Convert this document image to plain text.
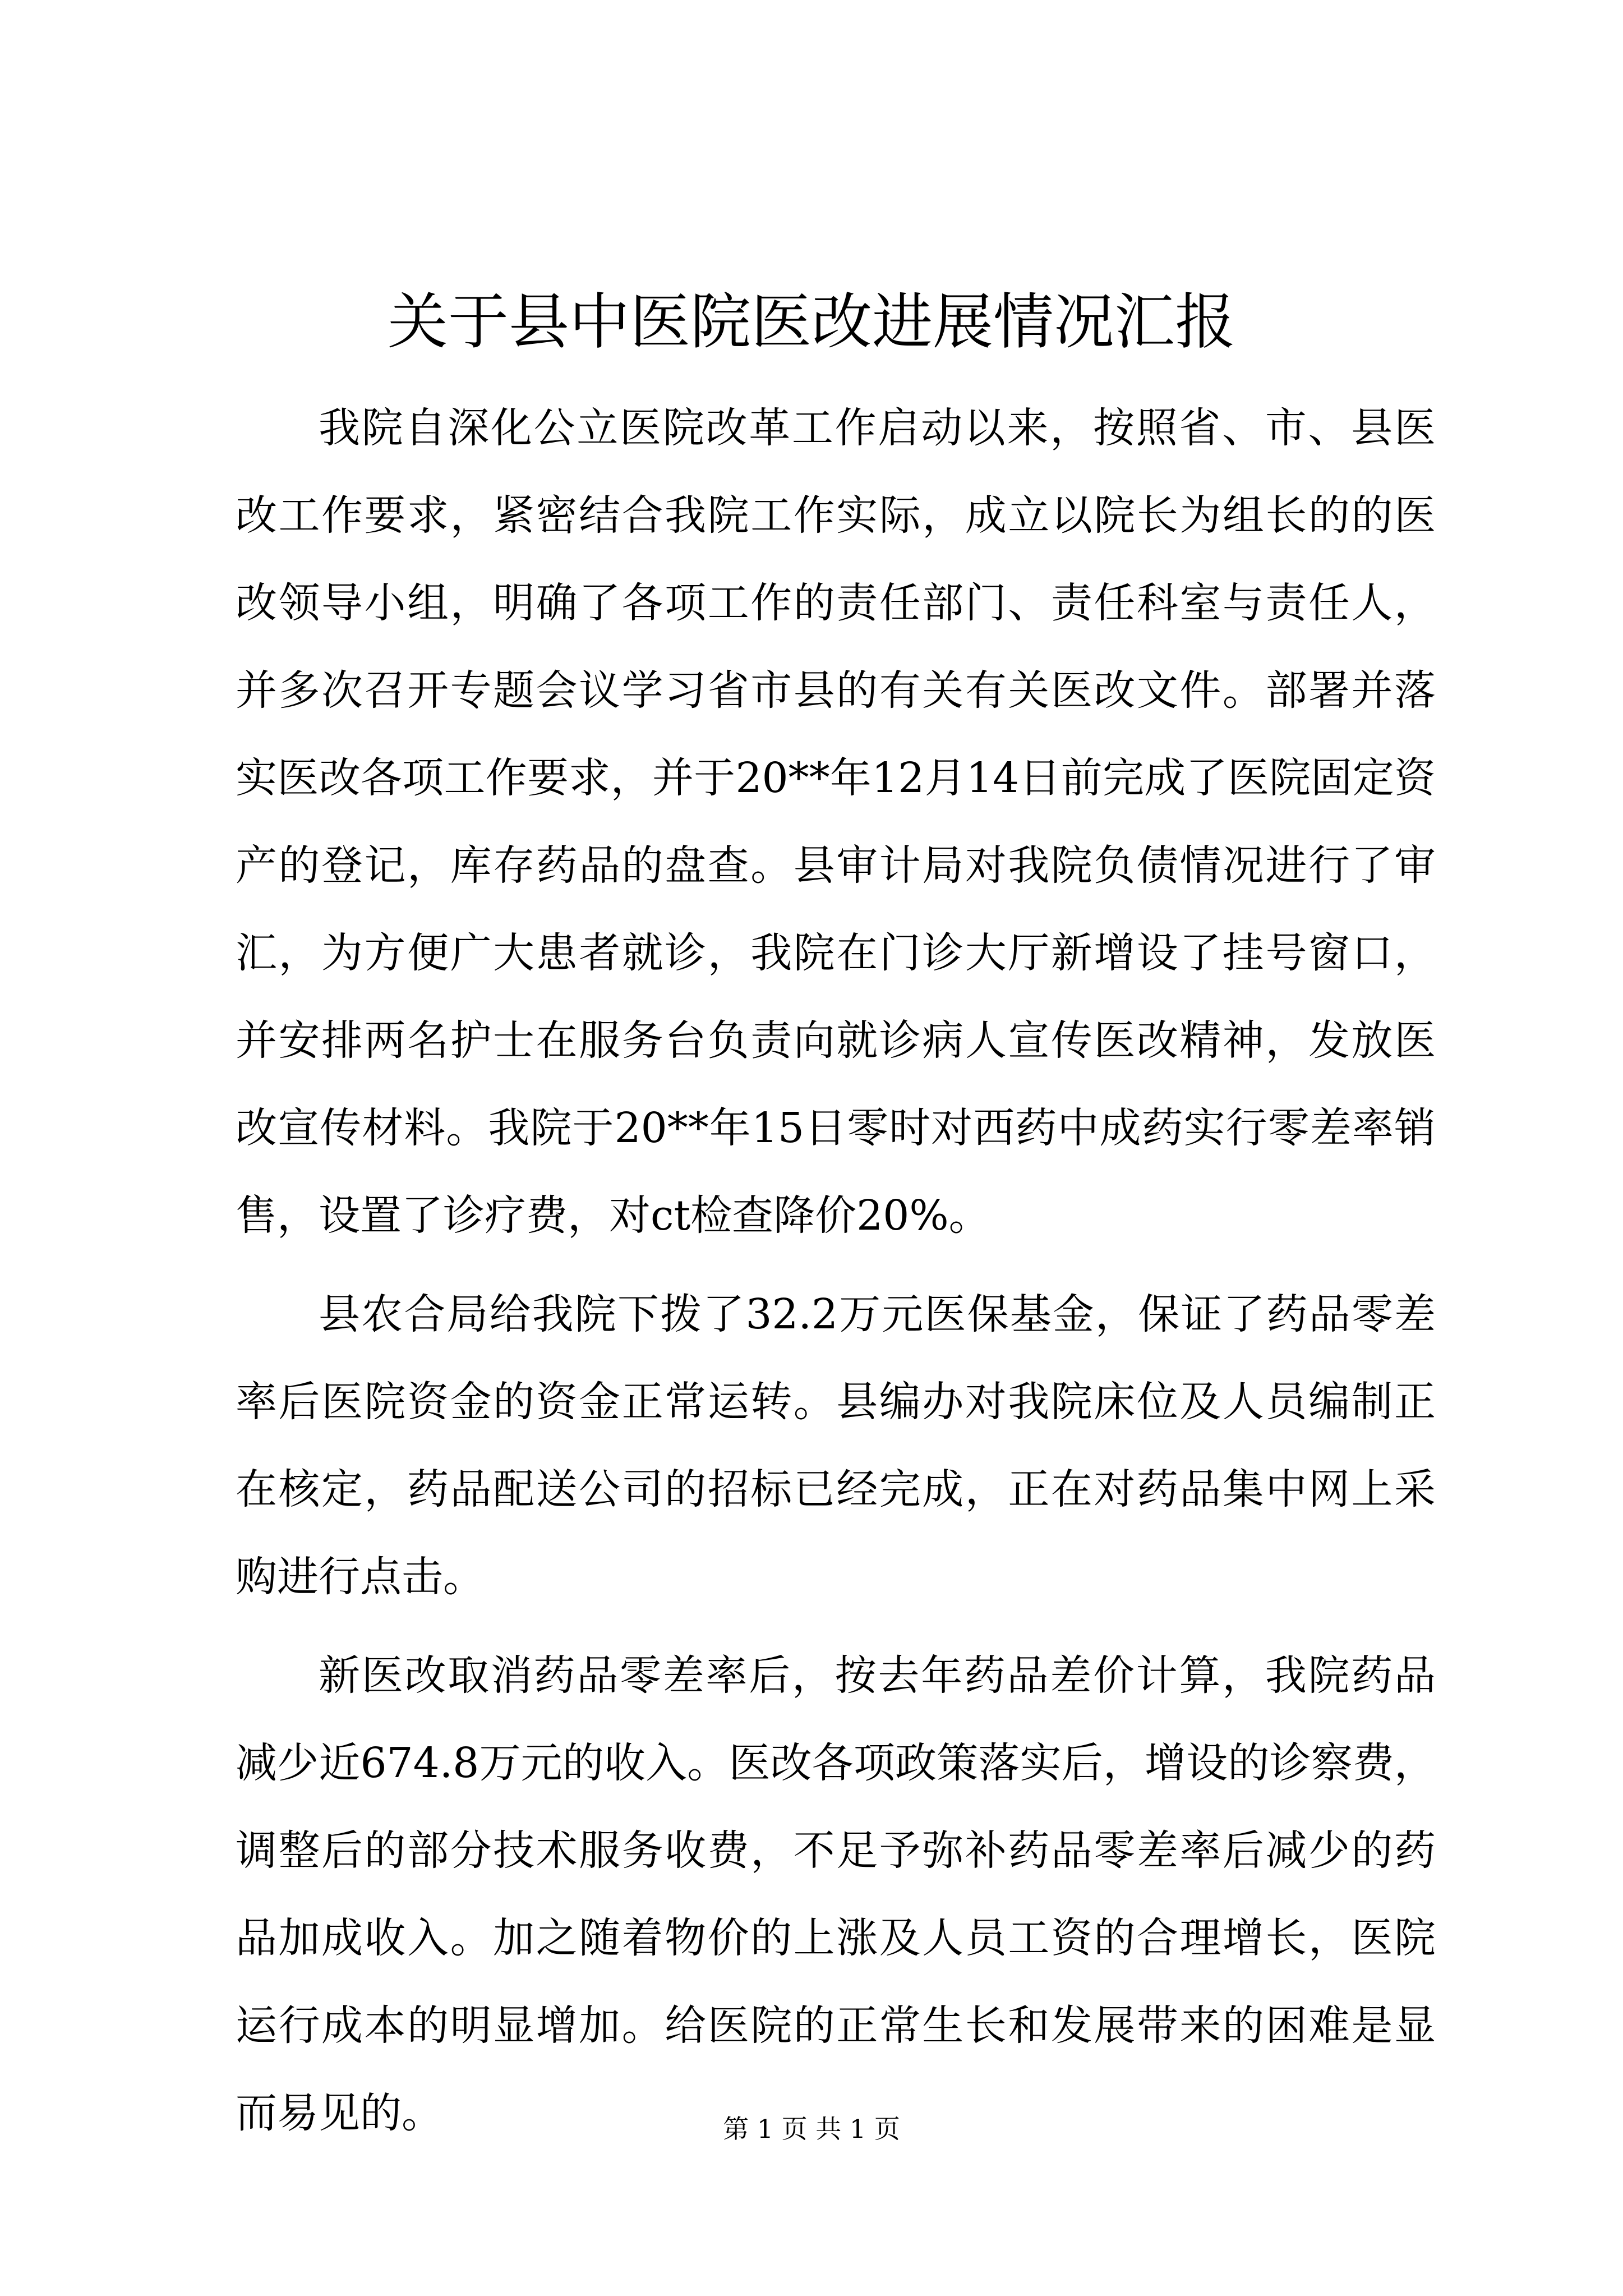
关于县中医院医改进展情况汇报

我院自深化公立医院改革工作启动以来，按照省、市、县医改工作要求，紧密结合我院工作实际，成立以院长为组长的的医改领导小组，明确了各项工作的责任部门、责任科室与责任人，并多次召开专题会议学习省市县的有关有关医改文件。部署并落实医改各项工作要求，并于20**年12月14日前完成了医院固定资产的登记，库存药品的盘查。县审计局对我院负债情况进行了审汇，为方便广大患者就诊，我院在门诊大厅新增设了挂号窗口，并安排两名护士在服务台负责向就诊病人宣传医改精神，发放医改宣传材料。我院于20**年15日零时对西药中成药实行零差率销售，设置了诊疗费，对ct检查降价20%。

县农合局给我院下拨了32.2万元医保基金，保证了药品零差率后医院资金的资金正常运转。县编办对我院床位及人员编制正在核定，药品配送公司的招标已经完成，正在对药品集中网上采购进行点击。

新医改取消药品零差率后，按去年药品差价计算，我院药品减少近674.8万元的收入。医改各项政策落实后，增设的诊察费，调整后的部分技术服务收费，不足予弥补药品零差率后减少的药品加成收入。加之随着物价的上涨及人员工资的合理增长，医院运行成本的明显增加。给医院的正常生长和发展带来的困难是显而易见的。	第 1 页 共 1 页
